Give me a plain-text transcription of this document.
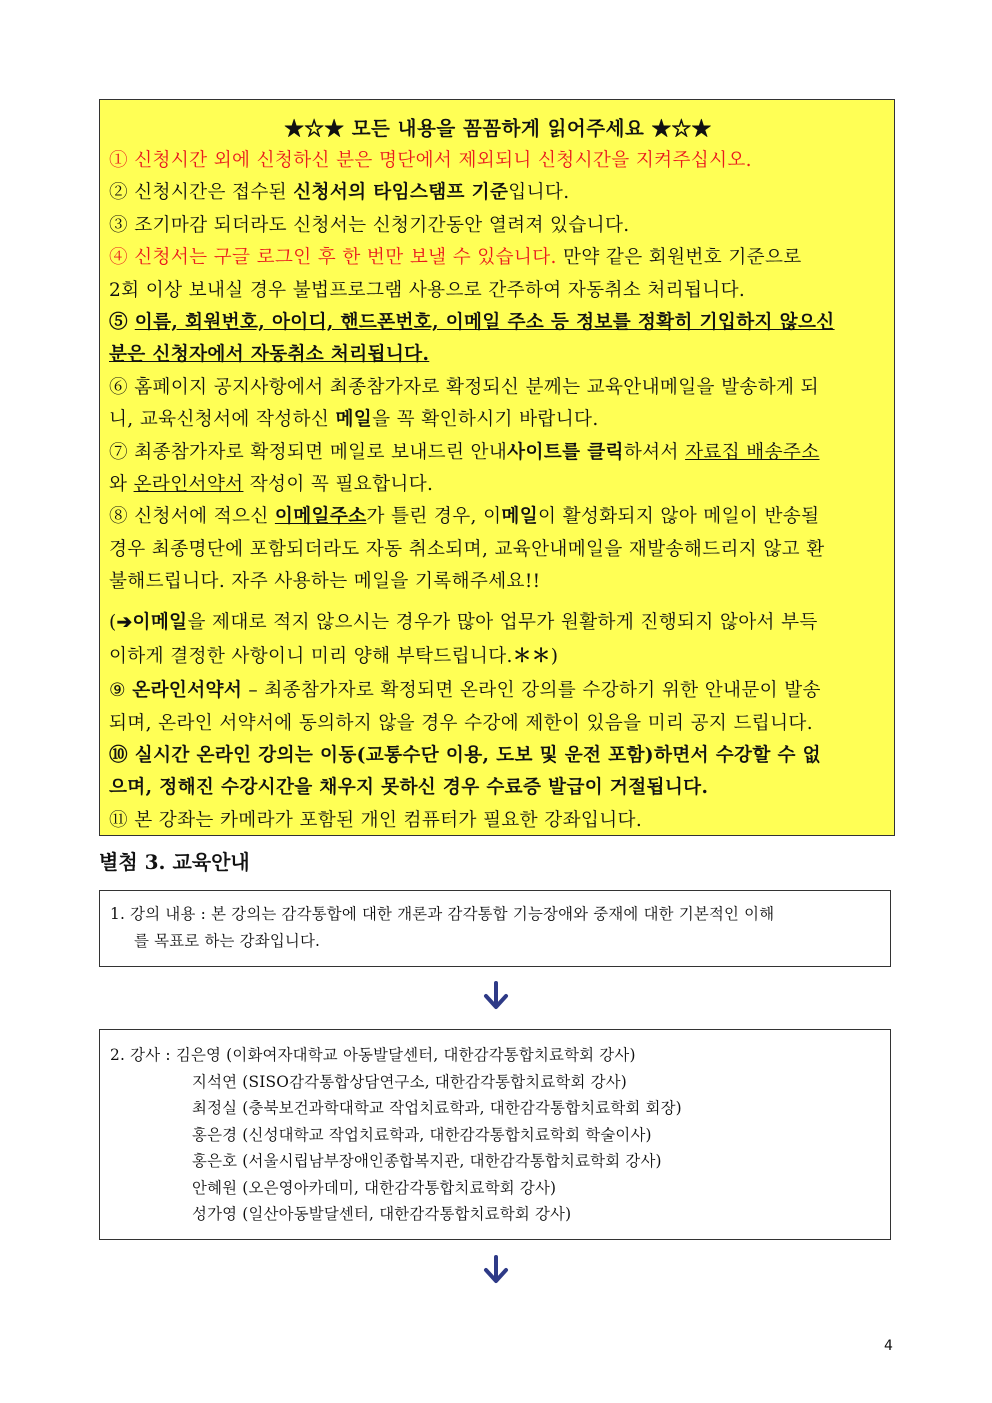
★☆★ 모든 내용을 꼼꼼하게 읽어주세요 ★☆★
① 신청시간 외에 신청하신 분은 명단에서 제외되니 신청시간을 지켜주십시오.
② 신청시간은 접수된 신청서의 타임스탬프 기준입니다.
③ 조기마감 되더라도 신청서는 신청기간동안 열려져 있습니다.
④ 신청서는 구글 로그인 후 한 번만 보낼 수 있습니다. 만약 같은 회원번호 기준으로
2회 이상 보내실 경우 불법프로그램 사용으로 간주하여 자동취소 처리됩니다.
⑤ 이름, 회원번호, 아이디, 핸드폰번호, 이메일 주소 등 정보를 정확히 기입하지 않으신
분은 신청자에서 자동취소 처리됩니다.
⑥ 홈페이지 공지사항에서 최종참가자로 확정되신 분께는 교육안내메일을 발송하게 되
니, 교육신청서에 작성하신 메일을 꼭 확인하시기 바랍니다.
⑦ 최종참가자로 확정되면 메일로 보내드린 안내사이트를 클릭하셔서 자료집 배송주소
와 온라인서약서 작성이 꼭 필요합니다.
⑧ 신청서에 적으신 이메일주소가 틀린 경우, 이메일이 활성화되지 않아 메일이 반송될
경우 최종명단에 포함되더라도 자동 취소되며, 교육안내메일을 재발송해드리지 않고 환
불해드립니다. 자주 사용하는 메일을 기록해주세요!!
(➔이메일을 제대로 적지 않으시는 경우가 많아 업무가 원활하게 진행되지 않아서 부득
이하게 결정한 사항이니 미리 양해 부탁드립니다.＊＊)
⑨ 온라인서약서 – 최종참가자로 확정되면 온라인 강의를 수강하기 위한 안내문이 발송
되며, 온라인 서약서에 동의하지 않을 경우 수강에 제한이 있음을 미리 공지 드립니다.
⑩ 실시간 온라인 강의는 이동(교통수단 이용, 도보 및 운전 포함)하면서 수강할 수 없
으며, 정해진 수강시간을 채우지 못하신 경우 수료증 발급이 거절됩니다.
⑪ 본 강좌는 카메라가 포함된 개인 컴퓨터가 필요한 강좌입니다.
별첨 3. 교육안내
1. 강의 내용 : 본 강의는 감각통합에 대한 개론과 감각통합 기능장애와 중재에 대한 기본적인 이해
를 목표로 하는 강좌입니다.
2. 강사 : 김은영 (이화여자대학교 아동발달센터, 대한감각통합치료학회 강사)
지석연 (SISO감각통합상담연구소, 대한감각통합치료학회 강사)
최정실 (충북보건과학대학교 작업치료학과, 대한감각통합치료학회 회장)
홍은경 (신성대학교 작업치료학과, 대한감각통합치료학회 학술이사)
홍은호 (서울시립남부장애인종합복지관, 대한감각통합치료학회 강사)
안혜원 (오은영아카데미, 대한감각통합치료학회 강사)
성가영 (일산아동발달센터, 대한감각통합치료학회 강사)
4
